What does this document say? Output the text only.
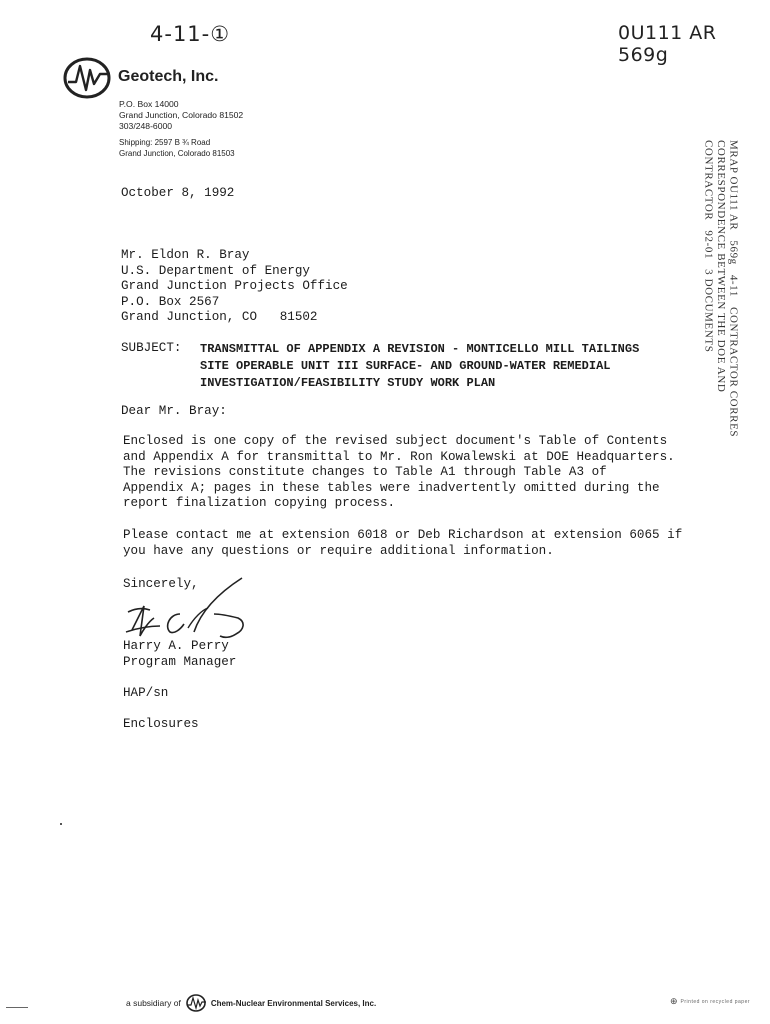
4-11-①	0U111 AR 569g
Geotech, Inc.
P.O. Box 14000
Grand Junction, Colorado 81502
303/248-6000
Shipping: 2597 B ¾ Road
Grand Junction, Colorado 81503	MRAP OU111 AR   569g   4-11   CONTRACTOR CORRES
CORRESPONDENCE BETWEEN THE DOE AND
CONTRACTOR   92-01   3 DOCUMENTS
October 8, 1992
Mr. Eldon R. Bray
U.S. Department of Energy
Grand Junction Projects Office
P.O. Box 2567
Grand Junction, CO   81502
SUBJECT: TRANSMITTAL OF APPENDIX A REVISION - MONTICELLO MILL TAILINGS
SITE OPERABLE UNIT III SURFACE- AND GROUND-WATER REMEDIAL
INVESTIGATION/FEASIBILITY STUDY WORK PLAN
Dear Mr. Bray:
Enclosed is one copy of the revised subject document's Table of Contents
and Appendix A for transmittal to Mr. Ron Kowalewski at DOE Headquarters.
The revisions constitute changes to Table A1 through Table A3 of
Appendix A; pages in these tables were inadvertently omitted during the
report finalization copying process.
Please contact me at extension 6018 or Deb Richardson at extension 6065 if
you have any questions or require additional information.
Sincerely,
Harry A. Perry
Program Manager
HAP/sn
Enclosures
a subsidiary of	Chem-Nuclear Environmental Services, Inc.	⊕ Printed on recycled paper
